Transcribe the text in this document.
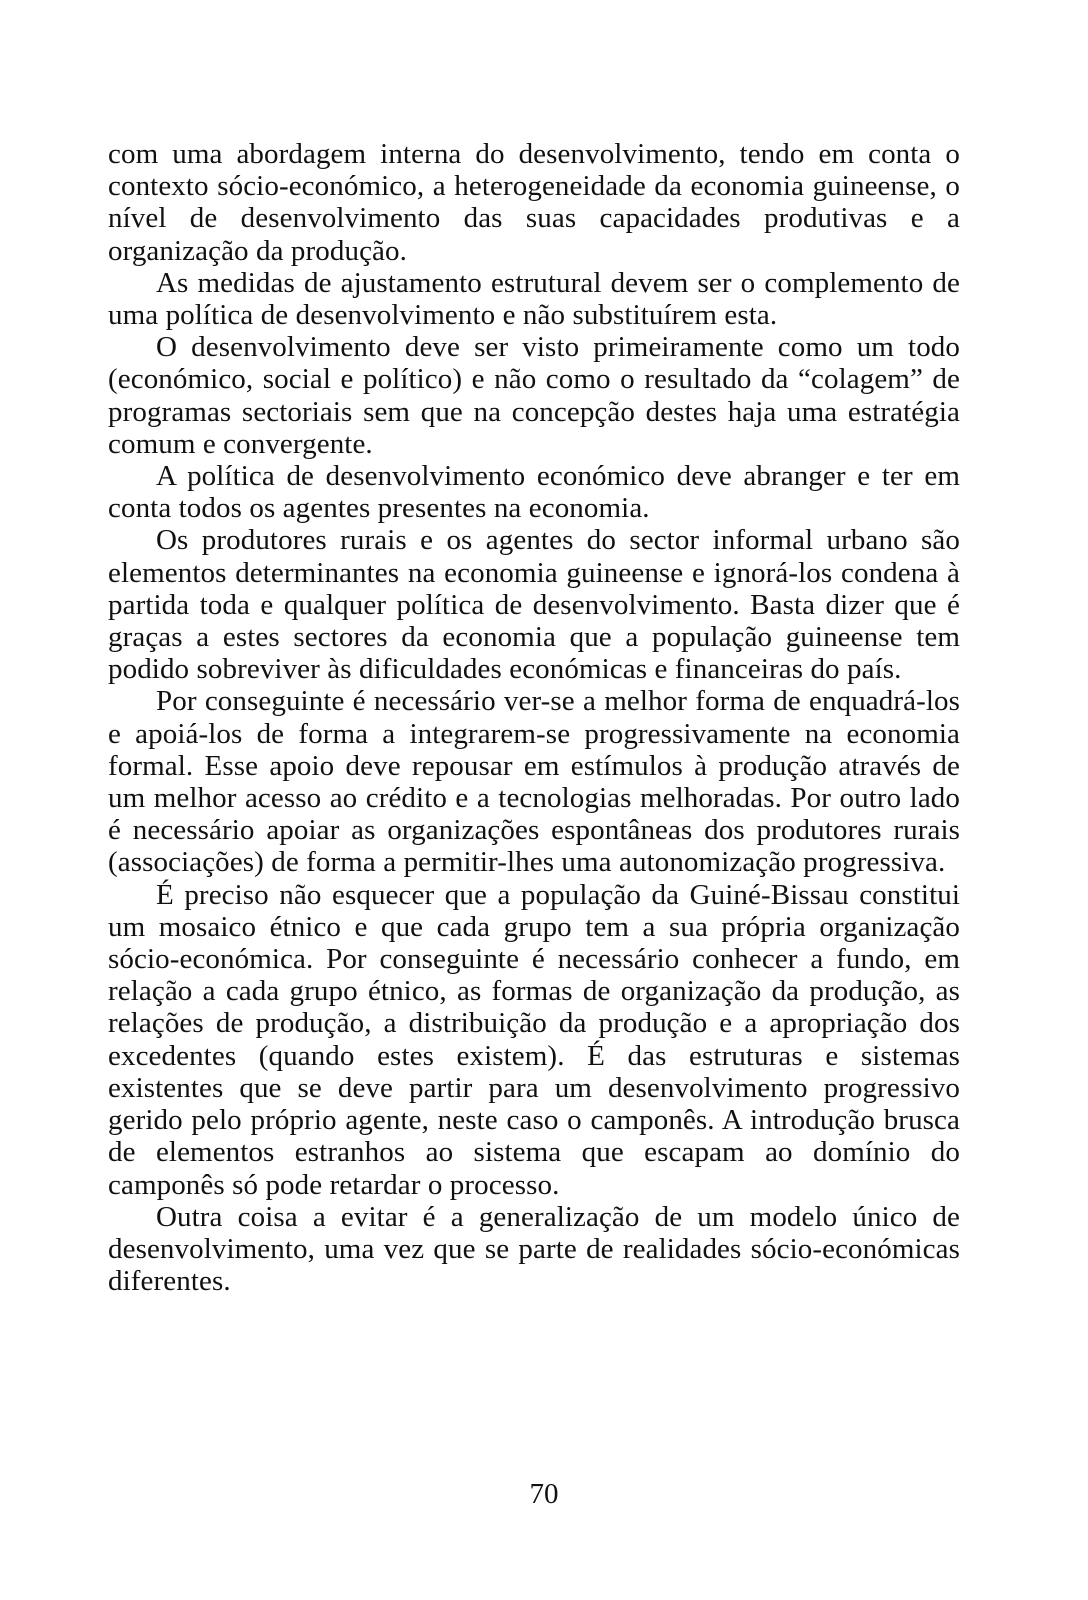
com uma abordagem interna do desenvolvimento, tendo em conta o contexto sócio-económico, a heterogeneidade da economia guineense, o nível de desenvolvimento das suas capacidades produtivas e a organização da produção.

As medidas de ajustamento estrutural devem ser o complemento de uma política de desenvolvimento e não substituírem esta.

O desenvolvimento deve ser visto primeiramente como um todo (económico, social e político) e não como o resultado da “colagem” de programas sectoriais sem que na concepção destes haja uma estratégia comum e convergente.

A política de desenvolvimento económico deve abranger e ter em conta todos os agentes presentes na economia.

Os produtores rurais e os agentes do sector informal urbano são elementos determinantes na economia guineense e ignorá-los condena à partida toda e qualquer política de desenvolvimento. Basta dizer que é graças a estes sectores da economia que a população guineense tem podido sobreviver às dificuldades económicas e financeiras do país.

Por conseguinte é necessário ver-se a melhor forma de enquadrá-los e apoiá-los de forma a integrarem-se progressivamente na economia formal. Esse apoio deve repousar em estímulos à produção através de um melhor acesso ao crédito e a tecnologias melhoradas. Por outro lado é necessário apoiar as organizações espontâneas dos produtores rurais (associações) de forma a permitir-lhes uma autonomização progressiva.

É preciso não esquecer que a população da Guiné-Bissau constitui um mosaico étnico e que cada grupo tem a sua própria organização sócio-económica. Por conseguinte é necessário conhecer a fundo, em relação a cada grupo étnico, as formas de organização da produção, as relações de produção, a distribuição da produção e a apropriação dos excedentes (quando estes existem). É das estruturas e sistemas existentes que se deve partir para um desenvolvimento progressivo gerido pelo próprio agente, neste caso o camponês. A introdução brusca de elementos estranhos ao sistema que escapam ao domínio do camponês só pode retardar o processo.

Outra coisa a evitar é a generalização de um modelo único de desenvolvimento, uma vez que se parte de realidades sócio-económicas diferentes.

70
